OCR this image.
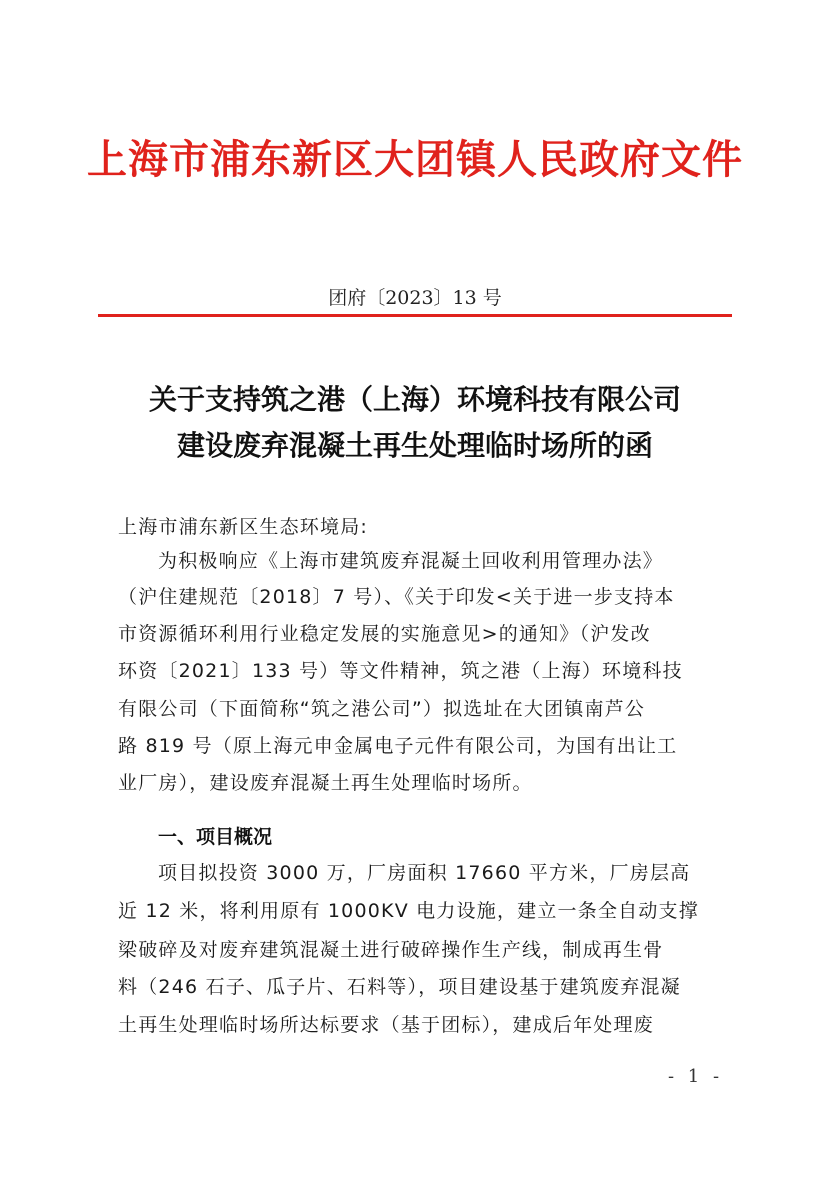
上海市浦东新区大团镇人民政府文件
团府〔2023〕13 号
关于支持筑之港（上海）环境科技有限公司
建设废弃混凝土再生处理临时场所的函
上海市浦东新区生态环境局:
为积极响应《上海市建筑废弃混凝土回收利用管理办法》
（沪住建规范〔2018〕7 号）、《关于印发<关于进一步支持本
市资源循环利用行业稳定发展的实施意见>的通知》（沪发改
环资〔2021〕133 号）等文件精神，筑之港（上海）环境科技
有限公司（下面简称“筑之港公司”）拟选址在大团镇南芦公
路 819 号（原上海元申金属电子元件有限公司，为国有出让工
业厂房），建设废弃混凝土再生处理临时场所。
一、项目概况
项目拟投资 3000 万，厂房面积 17660 平方米，厂房层高
近 12 米，将利用原有 1000KV 电力设施，建立一条全自动支撑
梁破碎及对废弃建筑混凝土进行破碎操作生产线，制成再生骨
料（246 石子、瓜子片、石料等），项目建设基于建筑废弃混凝
土再生处理临时场所达标要求（基于团标），建成后年处理废
- 1 -
